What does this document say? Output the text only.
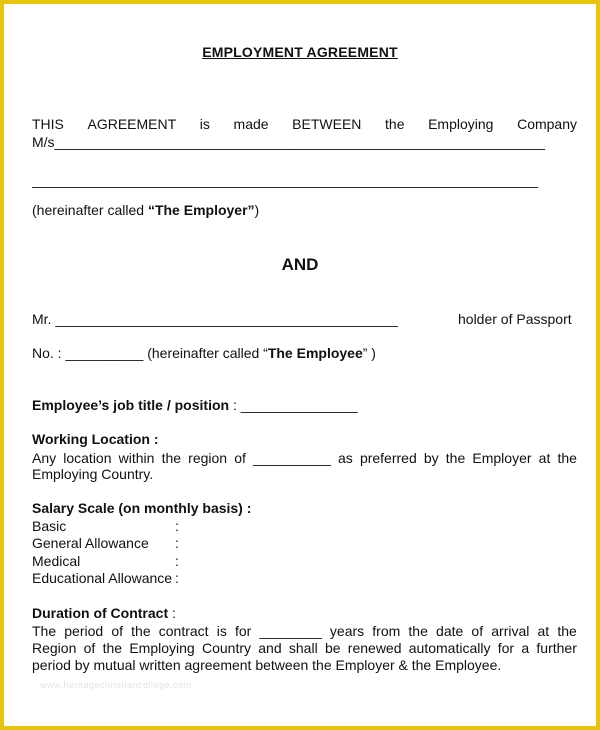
EMPLOYMENT AGREEMENT
THIS AGREEMENT is made BETWEEN the Employing Company
M/s_______________________________________________________________
_________________________________________________________________
(hereinafter called “The Employer”)
AND
Mr. ____________________________________________	holder of Passport
No. : __________ (hereinafter called “The Employee” )
Employee’s job title / position : _______________
Working Location :
Any location within the region of __________ as preferred by the Employer at the
Employing Country.
Salary Scale (on monthly basis) :
Basic	:
General Allowance :
Medical	:
Educational Allowance :
Duration of Contract :
The period of the contract is for ________ years from the date of arrival at the
Region of the Employing Country and shall be renewed automatically for a further
period by mutual written agreement between the Employer & the Employee.
www.heritagechristiancollege.com
